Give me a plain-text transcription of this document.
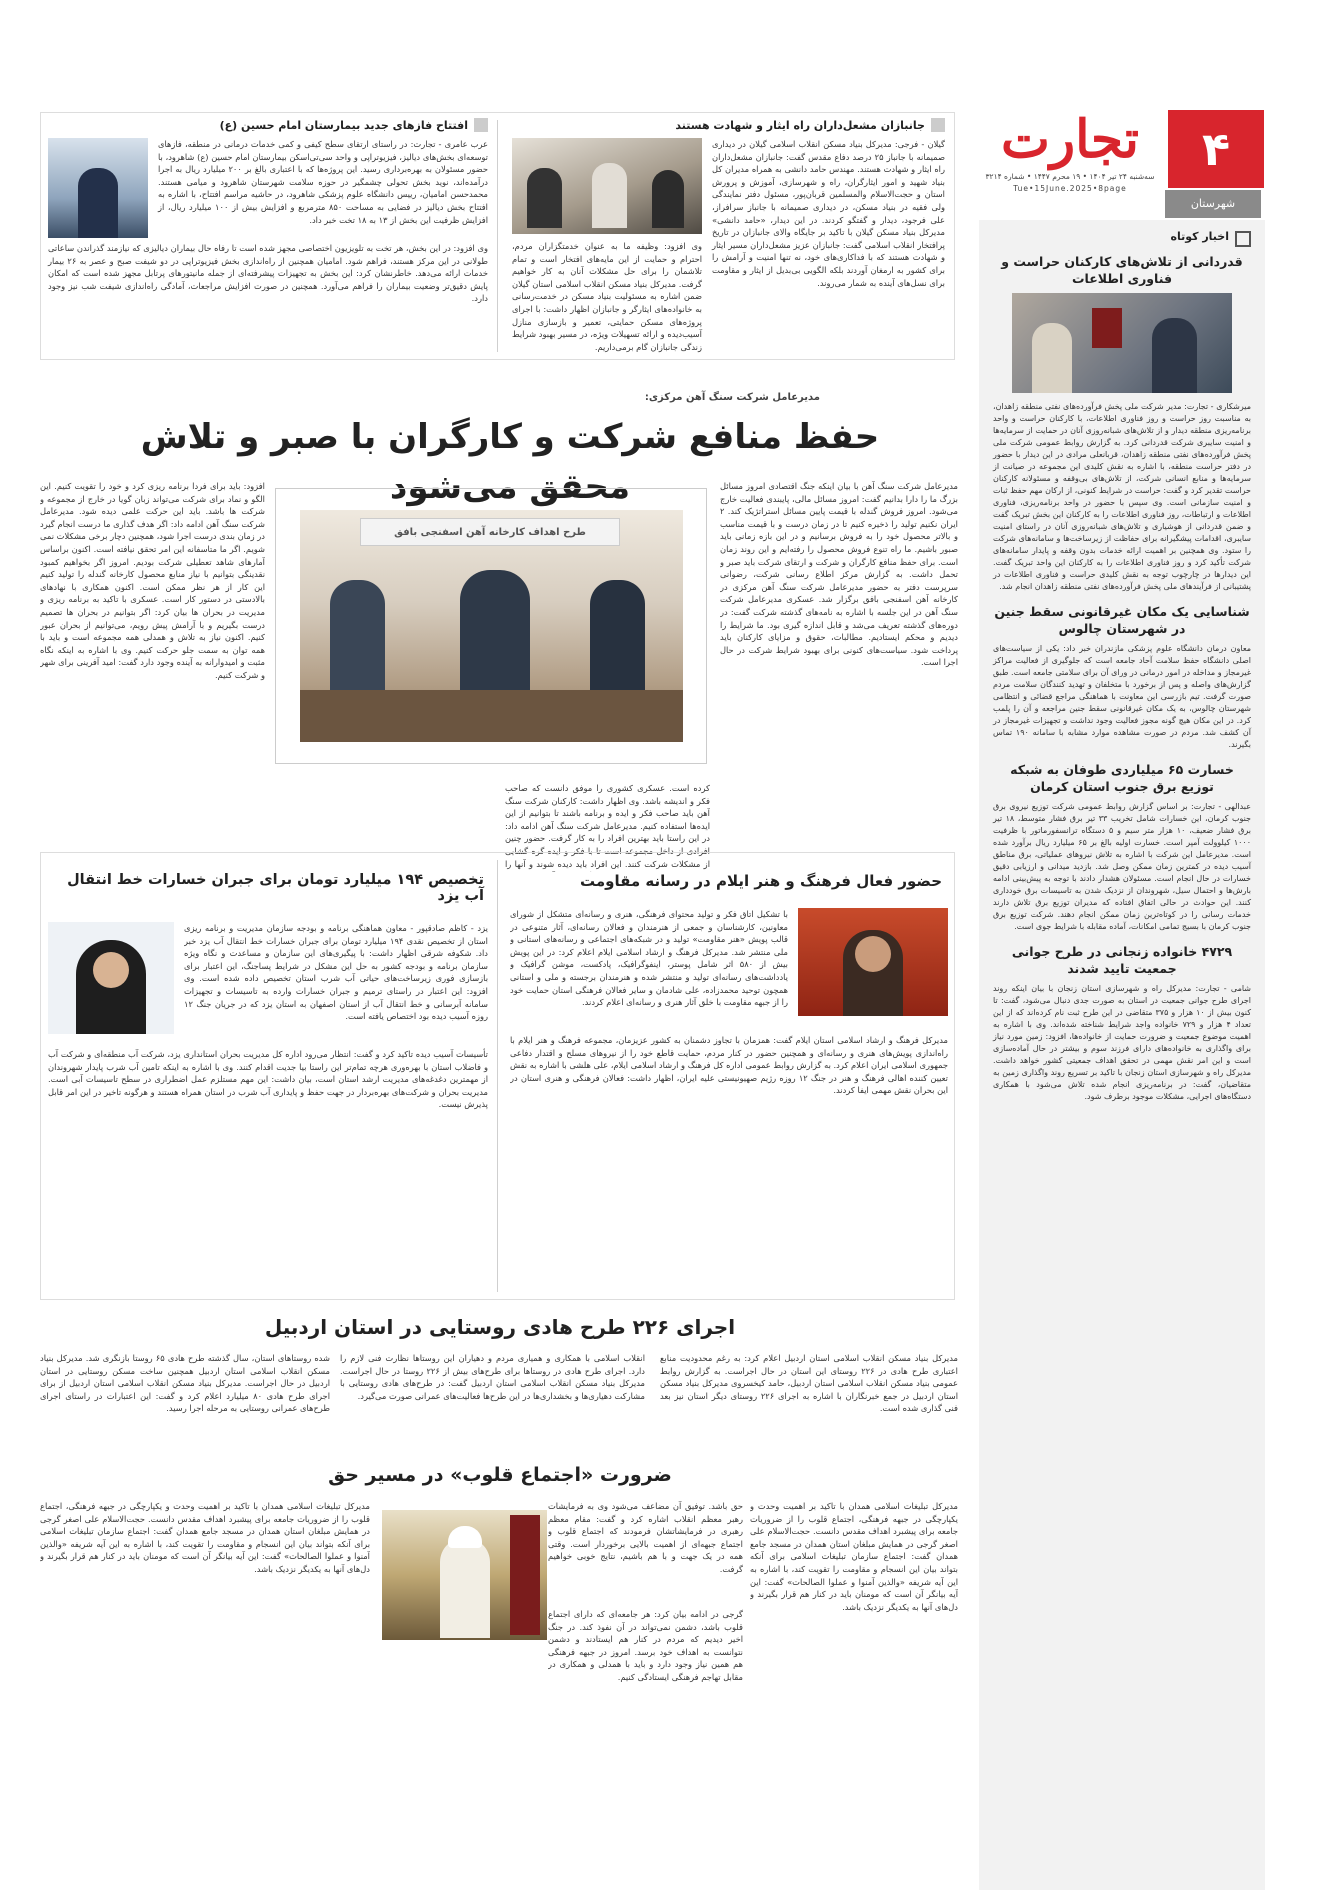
۴
تجارت
سه‌شنبه ۲۴ تیر ۱۴۰۴ • ۱۹ محرم ۱۴۴۷ • شماره ۳۲۱۴
Tue•15June.2025•8page
شهرستان
اخبار کوتاه
قدردانی از تلاش‌های کارکنان حراست و فناوری اطلاعات

میرشکاری - تجارت: مدیر شرکت ملی پخش فرآورده‌های نفتی منطقه زاهدان، به مناسبت روز حراست و روز فناوری اطلاعات، با کارکنان حراست و واحد برنامه‌ریزی منطقه دیدار و از تلاش‌های شبانه‌روزی آنان در حمایت از سرمایه‌ها و امنیت سایبری شرکت قدردانی کرد. به گزارش روابط عمومی شرکت ملی پخش فرآورده‌های نفتی منطقه زاهدان، قربانعلی مرادی در این دیدار با حضور در دفتر حراست منطقه، با اشاره به نقش کلیدی این مجموعه در صیانت از سرمایه‌ها و منابع انسانی شرکت، از تلاش‌های بی‌وقفه و مسئولانه کارکنان حراست تقدیر کرد و گفت: حراست در شرایط کنونی، از ارکان مهم حفظ ثبات و امنیت سازمانی است. وی سپس با حضور در واحد برنامه‌ریزی، فناوری اطلاعات و ارتباطات، روز فناوری اطلاعات را به کارکنان این بخش تبریک گفت و ضمن قدردانی از هوشیاری و تلاش‌های شبانه‌روزی آنان در راستای امنیت سایبری، اقدامات پیشگیرانه برای حفاظت از زیرساخت‌ها و سامانه‌های شرکت را ستود. وی همچنین بر اهمیت ارائه خدمات بدون وقفه و پایدار سامانه‌های شرکت تأکید کرد و روز فناوری اطلاعات را به کارکنان این واحد تبریک گفت. این دیدارها در چارچوب توجه به نقش کلیدی حراست و فناوری اطلاعات در پشتیبانی از فرآیندهای ملی پخش فرآورده‌های نفتی منطقه زاهدان انجام شد.

شناسایی یک مکان غیرقانونی سقط جنین در شهرستان چالوس

معاون درمان دانشگاه علوم پزشکی مازندران خبر داد: یکی از سیاست‌های اصلی دانشگاه حفظ سلامت آحاد جامعه است که جلوگیری از فعالیت مراکز غیرمجاز و مداخله در امور درمانی در ورای آن برای سلامتی جامعه است. طبق گزارش‌های واصله و پس از برخورد با متخلفان و تهدید کنندگان سلامت مردم صورت گرفت. تیم بازرسی این معاونت با هماهنگی مراجع قضائی و انتظامی شهرستان چالوس، به یک مکان غیرقانونی سقط جنین مراجعه و آن را پلمب کرد. در این مکان هیچ گونه مجوز فعالیت وجود نداشت و تجهیزات غیرمجاز در آن کشف شد. مردم در صورت مشاهده موارد مشابه با سامانه ۱۹۰ تماس بگیرند.

خسارت ۶۵ میلیاردی طوفان به شبکه توزیع برق جنوب استان کرمان

عبدالهی - تجارت: بر اساس گزارش روابط عمومی شرکت توزیع نیروی برق جنوب کرمان، این خسارات شامل تخریب ۳۳ تیر برق فشار متوسط، ۱۸ تیر برق فشار ضعیف، ۱۰ هزار متر سیم و ۵ دستگاه ترانسفورماتور با ظرفیت ۱۰۰۰ کیلوولت آمپر است. خسارت اولیه بالغ بر ۶۵ میلیارد ریال برآورد شده است. مدیرعامل این شرکت با اشاره به تلاش نیروهای عملیاتی، برق مناطق آسیب دیده در کمترین زمان ممکن وصل شد. بازدید میدانی و ارزیابی دقیق خسارات در حال انجام است. مسئولان هشدار دادند با توجه به پیش‌بینی ادامه بارش‌ها و احتمال سیل، شهروندان از نزدیک شدن به تاسیسات برق خودداری کنند. این حوادث در حالی اتفاق افتاده که مدیران توزیع برق تلاش دارند خدمات رسانی را در کوتاه‌ترین زمان ممکن انجام دهند. شرکت توزیع برق جنوب کرمان با بسیج تمامی امکانات، آماده مقابله با شرایط جوی است.

۴۷۲۹ خانواده زنجانی در طرح جوانی جمعیت تایید شدند

شامی - تجارت: مدیرکل راه و شهرسازی استان زنجان با بیان اینکه روند اجرای طرح جوانی جمعیت در استان به صورت جدی دنبال می‌شود، گفت: تا کنون بیش از ۱۰ هزار و ۳۷۵ متقاضی در این طرح ثبت نام کرده‌اند که از این تعداد ۴ هزار و ۷۲۹ خانواده واجد شرایط شناخته شده‌اند. وی با اشاره به اهمیت موضوع جمعیت و ضرورت حمایت از خانواده‌ها، افزود: زمین مورد نیاز برای واگذاری به خانواده‌های دارای فرزند سوم و بیشتر در حال آماده‌سازی است و این امر نقش مهمی در تحقق اهداف جمعیتی کشور خواهد داشت. مدیرکل راه و شهرسازی استان زنجان با تاکید بر تسریع روند واگذاری زمین به متقاضیان، گفت: در برنامه‌ریزی انجام شده تلاش می‌شود با همکاری دستگاه‌های اجرایی، مشکلات موجود برطرف شود.

جانبازان مشعل‌داران راه ایثار و شهادت هستند

گیلان - فرجی: مدیرکل بنیاد مسکن انقلاب اسلامی گیلان در دیداری صمیمانه با جانباز ۲۵ درصد دفاع مقدس گفت: جانبازان مشعل‌داران راه ایثار و شهادت هستند. مهندس حامد دانشی به همراه مدیران کل بنیاد شهید و امور ایثارگران، راه و شهرسازی، آموزش و پرورش استان و حجت‌الاسلام والمسلمین قربان‌پور، مسئول دفتر نمایندگی ولی فقیه در بنیاد مسکن، در دیداری صمیمانه با جانباز سرافراز، علی فرجود، دیدار و گفتگو کردند. در این دیدار، «حامد دانشی» مدیرکل بنیاد مسکن گیلان با تاکید بر جایگاه والای جانبازان در تاریخ پرافتخار انقلاب اسلامی گفت: جانبازان عزیز مشعل‌داران مسیر ایثار و شهادت هستند که با فداکاری‌های خود، نه تنها امنیت و آرامش را برای کشور به ارمغان آوردند بلکه الگویی بی‌بدیل از ایثار و مقاومت برای نسل‌های آینده به شمار می‌روند.

وی افزود: وظیفه ما به عنوان خدمتگزاران مردم، احترام و حمایت از این مایه‌های افتخار است و تمام تلاشمان را برای حل مشکلات آنان به کار خواهیم گرفت. مدیرکل بنیاد مسکن انقلاب اسلامی استان گیلان ضمن اشاره به مسئولیت بنیاد مسکن در خدمت‌رسانی به خانواده‌های ایثارگر و جانبازان اظهار داشت: با اجرای پروژه‌های مسکن حمایتی، تعمیر و بازسازی منازل آسیب‌دیده و ارائه تسهیلات ویژه، در مسیر بهبود شرایط زندگی جانبازان گام برمی‌داریم.

افتتاح فازهای جدید بیمارستان امام حسین (ع)

عرب عامری - تجارت: در راستای ارتقای سطح کیفی و کمی خدمات درمانی در منطقه، فازهای توسعه‌ای بخش‌های دیالیز، فیزیوتراپی و واحد سی‌تی‌اسکن بیمارستان امام حسین (ع) شاهرود، با حضور مسئولان به بهره‌برداری رسید. این پروژه‌ها که با اعتباری بالغ بر ۲۰۰ میلیارد ریال به اجرا درآمده‌اند، نوید بخش تحولی چشمگیر در حوزه سلامت شهرستان شاهرود و میامی هستند. محمدحسن امامیان، رییس دانشگاه علوم پزشکی شاهرود، در حاشیه مراسم افتتاح، با اشاره به افتتاح بخش دیالیز در فضایی به مساحت ۸۵۰ مترمربع و افزایش بیش از ۱۰۰ میلیارد ریال، از افزایش ظرفیت این بخش از ۱۳ به ۱۸ تخت خبر داد.

وی افزود: در این بخش، هر تخت به تلویزیون اختصاصی مجهز شده است تا رفاه حال بیماران دیالیزی که نیازمند گذراندن ساعاتی طولانی در این مرکز هستند، فراهم شود. امامیان همچنین از راه‌اندازی بخش فیزیوتراپی در دو شیفت صبح و عصر به ۲۶ بیمار خدمات ارائه می‌دهد. خاطرنشان کرد: این بخش به تجهیزات پیشرفته‌ای از جمله مانیتورهای پرتابل مجهز شده است که امکان پایش دقیق‌تر وضعیت بیماران را فراهم می‌آورد. همچنین در صورت افزایش مراجعات، آمادگی راه‌اندازی شیفت شب نیز وجود دارد.

مدیرعامل شرکت سنگ آهن مرکزی:
حفظ منافع شرکت و کارگران با صبر و تلاش محقق می‌شود	مدیرعامل شرکت سنگ آهن با بیان اینکه جنگ اقتصادی امروز مسائل بزرگ ما را دارا بدانیم گفت: امروز مسائل مالی، پایبندی فعالیت خارج می‌شود. امروز فروش گندله با قیمت پایین مسائل استراتژیک کند. ۲ ایران نکنیم تولید را ذخیره کنیم تا در زمان درست و با قیمت مناسب و بالاتر محصول خود را به فروش برسانیم و در این بازه زمانی باید صبور باشیم. ما راه تنوع فروش محصول را رفته‌ایم و این روند زمان است. برای حفظ منافع کارگران و شرکت و ارتقای شرکت باید صبر و تحمل داشت. به گزارش مرکز اطلاع رسانی شرکت، رضوانی سرپرست دفتر به حضور مدیرعامل شرکت سنگ آهن مرکزی در کارخانه آهن اسفنجی بافق برگزار شد. عسکری مدیرعامل شرکت سنگ آهن در این جلسه با اشاره به نامه‌های گذشته شرکت گفت: در دوره‌های گذشته تعریف می‌شد و قابل اندازه گیری بود. ما شرایط را دیدیم و محکم ایستادیم. مطالبات، حقوق و مزایای کارکنان باید پرداخت شود. سیاست‌های کنونی برای بهبود شرایط شرکت در حال اجرا است.

طرح اهداف کارخانه آهن اسفنجی بافق

کرده است. عسکری کشوری را موفق دانست که صاحب فکر و اندیشه باشد. وی اظهار داشت: کارکنان شرکت سنگ آهن باید صاحب فکر و ایده و برنامه باشند تا بتوانیم از این ایده‌ها استفاده کنیم. مدیرعامل شرکت سنگ آهن ادامه داد: در این راستا باید بهترین افراد را به کار گرفت. حضور چنین افرادی از داخل مجموعه است تا با فکر و ایده گره گشایی از مشکلات شرکت کنند. این افراد باید دیده شوند و آنها را

افزود: باید برای فردا برنامه ریزی کرد و خود را تقویت کنیم. این الگو و نماد برای شرکت می‌تواند زبان گویا در خارج از مجموعه و شرکت ها باشد. باید این حرکت علمی دیده شود. مدیرعامل شرکت سنگ آهن ادامه داد: اگر هدف گذاری ما درست انجام گیرد در زمان بندی درست اجرا شود، همچنین دچار برخی مشکلات نمی شویم. اگر ما متاسفانه این امر تحقق نیافته است. اکنون براساس آمارهای شاهد تعطیلی شرکت بودیم. امروز اگر بخواهیم کمبود نقدینگی بتوانیم با نیاز منابع محصول کارخانه گندله را تولید کنیم این کار از هر نظر ممکن است. اکنون همکاری با نهادهای بالادستی در دستور کار است. عسکری با تاکید به برنامه ریزی و مدیریت در بحران ها بیان کرد: اگر بتوانیم در بحران ها تصمیم درست بگیریم و با آرامش پیش رویم، می‌توانیم از بحران عبور کنیم. اکنون نیاز به تلاش و همدلی همه مجموعه است و باید با همه توان به سمت جلو حرکت کنیم. وی با اشاره به اینکه نگاه مثبت و امیدوارانه به آینده وجود دارد گفت: امید آفرینی برای شهر و شرکت کنیم.

حضور فعال فرهنگ و هنر ایلام در رسانه مقاومت

با تشکیل اتاق فکر و تولید محتوای فرهنگی، هنری و رسانه‌ای متشکل از شورای معاونین، کارشناسان و جمعی از هنرمندان و فعالان رسانه‌ای، آثار متنوعی در قالب پویش «هنر مقاومت» تولید و در شبکه‌های اجتماعی و رسانه‌های استانی و ملی منتشر شد. مدیرکل فرهنگ و ارشاد اسلامی ایلام اعلام کرد: در این پویش بیش از ۵۸۰ اثر شامل پوستر، اینفوگرافیک، پادکست، موشن گرافیک و یادداشت‌های رسانه‌ای تولید و منتشر شده و هنرمندان برجسته و ملی و استانی همچون توحید محمدزاده، علی شادمان و سایر فعالان فرهنگی استان حمایت خود را از جبهه مقاومت با خلق آثار هنری و رسانه‌ای اعلام کردند.

مدیرکل فرهنگ و ارشاد اسلامی استان ایلام گفت: همزمان با تجاوز دشمنان به کشور عزیزمان، مجموعه فرهنگ و هنر ایلام با راه‌اندازی پویش‌های هنری و رسانه‌ای و همچنین حضور در کنار مردم، حمایت قاطع خود را از نیروهای مسلح و اقتدار دفاعی جمهوری اسلامی ایران اعلام کرد. به گزارش روابط عمومی اداره کل فرهنگ و ارشاد اسلامی ایلام، علی هلشی با اشاره به نقش تعیین کننده اهالی فرهنگ و هنر در جنگ ۱۲ روزه رژیم صهیونیستی علیه ایران، اظهار داشت: فعالان فرهنگی و هنری استان در این بحران نقش مهمی ایفا کردند.

تخصیص ۱۹۴ میلیارد تومان برای جبران خسارات خط انتقال آب یزد

یزد - کاظم صادقپور - معاون هماهنگی برنامه و بودجه سازمان مدیریت و برنامه ریزی استان از تخصیص نقدی ۱۹۴ میلیارد تومان برای جبران خسارات خط انتقال آب یزد خبر داد. شکوفه شرقی اظهار داشت: با پیگیری‌های این سازمان و مساعدت و نگاه ویژه سازمان برنامه و بودجه کشور به حل این مشکل در شرایط پساجنگ، این اعتبار برای بازسازی فوری زیرساخت‌های حیاتی آب شرب استان تخصیص داده شده است. وی افزود: این اعتبار در راستای ترمیم و جبران خسارات وارده به تاسیسات و تجهیزات سامانه آبرسانی و خط انتقال آب از استان اصفهان به استان یزد که در جریان جنگ ۱۲ روزه آسیب دیده بود اختصاص یافته است.

تأسیسات آسیب دیده تاکید کرد و گفت: انتظار می‌رود اداره کل مدیریت بحران استانداری یزد، شرکت آب منطقه‌ای و شرکت آب و فاضلاب استان با بهره‌وری هرچه تمام‌تر این راستا بیا جدیت اقدام کنند. وی با اشاره به اینکه تامین آب شرب پایدار شهروندان از مهمترین دغدغه‌های مدیریت ارشد استان است، بیان داشت: این مهم مستلزم عمل اضطراری در سطح تاسیسات آبی است. مدیریت بحران و شرکت‌های بهره‌بردار در جهت حفظ و پایداری آب شرب در استان همراه هستند و هرگونه تاخیر در این امر قابل پذیرش نیست.

اجرای ۲۲۶ طرح هادی روستایی در استان اردبیل

مدیرکل بنیاد مسکن انقلاب اسلامی استان اردبیل اعلام کرد: به رغم محدودیت منابع اعتباری طرح هادی در ۲۲۶ روستای این استان در حال اجراست. به گزارش روابط عمومی بنیاد مسکن انقلاب اسلامی استان اردبیل، حامد کیخسروی مدیرکل بنیاد مسکن استان اردبیل در جمع خبرنگاران با اشاره به اجرای ۲۲۶ روستای دیگر استان نیز بعد فنی گذاری شده است.

انقلاب اسلامی با همکاری و همیاری مردم و دهیاران این روستاها نظارت فنی لازم را دارد. اجرای طرح هادی در روستاها برای طرح‌های بیش از ۲۲۶ روستا در حال اجراست. مدیرکل بنیاد مسکن انقلاب اسلامی استان اردبیل گفت: در طرح‌های هادی روستایی با مشارکت دهیاری‌ها و بخشداری‌ها در این طرح‌ها فعالیت‌های عمرانی صورت می‌گیرد.

شده روستاهای استان، سال گذشته طرح هادی ۶۵ روستا بازنگری شد. مدیرکل بنیاد مسکن انقلاب اسلامی استان اردبیل همچنین ساخت مسکن روستایی در استان اردبیل در حال اجراست. مدیرکل بنیاد مسکن انقلاب اسلامی استان اردبیل از برای اجرای طرح هادی ۸۰ میلیارد اعلام کرد و گفت: این اعتبارات در راستای اجرای طرح‌های عمرانی روستایی به مرحله اجرا رسید.

ضرورت «اجتماع قلوب» در مسیر حق

مدیرکل تبلیغات اسلامی همدان با تاکید بر اهمیت وحدت و یکپارچگی در جبهه فرهنگی، اجتماع قلوب را از ضروریات جامعه برای پیشبرد اهداف مقدس دانست. حجت‌الاسلام علی اصغر گرجی در همایش مبلغان استان همدان در مسجد جامع همدان گفت: اجتماع سازمان تبلیغات اسلامی برای آنکه بتواند بیان این انسجام و مقاومت را تقویت کند، با اشاره به این آیه شریفه «والذین آمنوا و عملوا الصالحات» گفت: این آیه بیانگر آن است که مومنان باید در کنار هم قرار بگیرند و دل‌های آنها به یکدیگر نزدیک باشد.

حق باشد. توفیق آن مضاعف می‌شود وی به فرمایشات رهبر معظم انقلاب اشاره کرد و گفت: مقام معظم رهبری در فرمایشاتشان فرمودند که اجتماع قلوب و اجتماع جبهه‌ای از اهمیت بالایی برخوردار است. وقتی همه در یک جهت و با هم باشیم، نتایج خوبی خواهیم گرفت.

گرجی در ادامه بیان کرد: هر جامعه‌ای که دارای اجتماع قلوب باشد، دشمن نمی‌تواند در آن نفوذ کند. در جنگ اخیر دیدیم که مردم در کنار هم ایستادند و دشمن نتوانست به اهداف خود برسد. امروز در جبهه فرهنگی هم همین نیاز وجود دارد و باید با همدلی و همکاری در مقابل تهاجم فرهنگی ایستادگی کنیم.

مدیرکل تبلیغات اسلامی همدان با تاکید بر اهمیت وحدت و یکپارچگی در جبهه فرهنگی، اجتماع قلوب را از ضروریات جامعه برای پیشبرد اهداف مقدس دانست. حجت‌الاسلام علی اصغر گرجی در همایش مبلغان استان همدان در مسجد جامع همدان گفت: اجتماع سازمان تبلیغات اسلامی برای آنکه بتواند بیان این انسجام و مقاومت را تقویت کند، با اشاره به این آیه شریفه «والذین آمنوا و عملوا الصالحات» گفت: این آیه بیانگر آن است که مومنان باید در کنار هم قرار بگیرند و دل‌های آنها به یکدیگر نزدیک باشد.
